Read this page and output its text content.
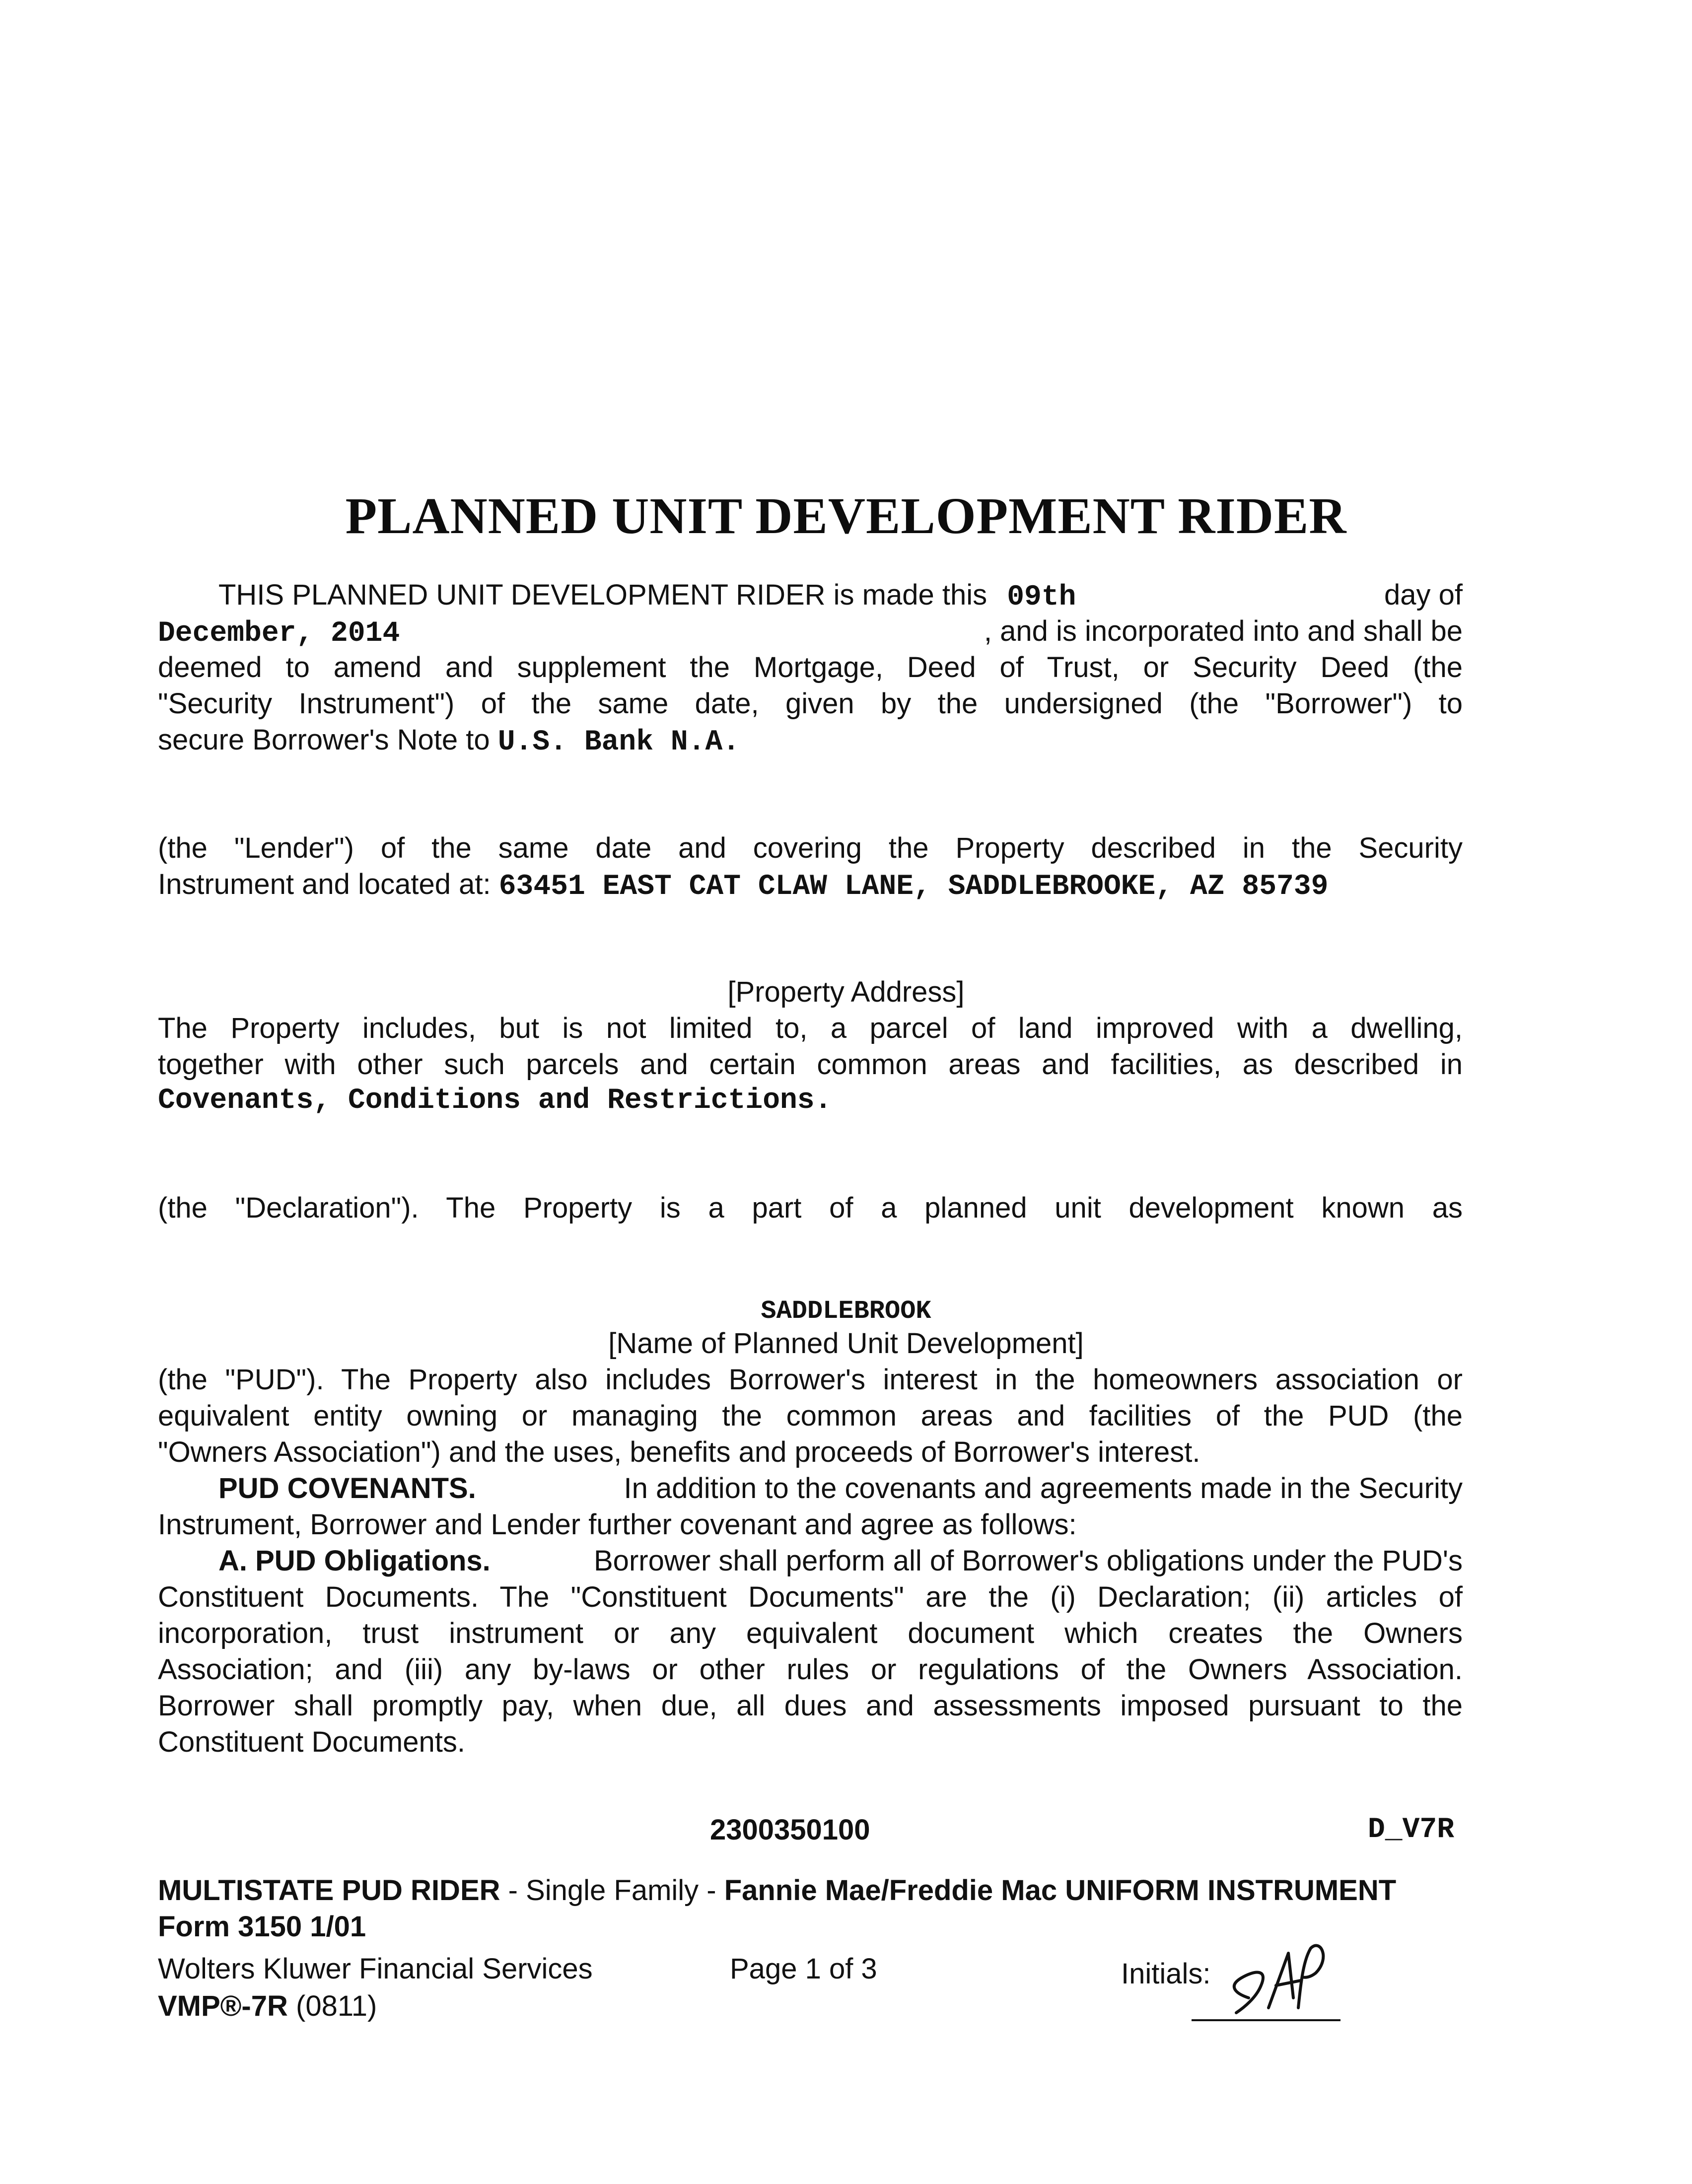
PLANNED UNIT DEVELOPMENT RIDER
THIS PLANNED UNIT DEVELOPMENT RIDER is made this 09th	day of
December, 2014	, and is incorporated into and shall be
deemed to amend and supplement the Mortgage, Deed of Trust, or Security Deed (the
"Security Instrument") of the same date, given by the undersigned (the "Borrower") to
secure Borrower's Note to U.S. Bank N.A.
(the "Lender") of the same date and covering the Property described in the Security
Instrument and located at: 63451 EAST CAT CLAW LANE, SADDLEBROOKE, AZ 85739
[Property Address]
The Property includes, but is not limited to, a parcel of land improved with a dwelling,
together with other such parcels and certain common areas and facilities, as described in
Covenants, Conditions and Restrictions.
(the "Declaration"). The Property is a part of a planned unit development known as
SADDLEBROOK
[Name of Planned Unit Development]
(the "PUD"). The Property also includes Borrower's interest in the homeowners association or
equivalent entity owning or managing the common areas and facilities of the PUD (the
"Owners Association") and the uses, benefits and proceeds of Borrower's interest.
PUD COVENANTS.	In addition to the covenants and agreements made in the Security
Instrument, Borrower and Lender further covenant and agree as follows:
A. PUD Obligations.	Borrower shall perform all of Borrower's obligations under the PUD's
Constituent Documents. The "Constituent Documents" are the (i) Declaration; (ii) articles of
incorporation, trust instrument or any equivalent document which creates the Owners
Association; and (iii) any by-laws or other rules or regulations of the Owners Association.
Borrower shall promptly pay, when due, all dues and assessments imposed pursuant to the
Constituent Documents.
2300350100	D_V7R
MULTISTATE PUD RIDER - Single Family - Fannie Mae/Freddie Mac UNIFORM INSTRUMENT
Form 3150 1/01
Wolters Kluwer Financial Services	Page 1 of 3	Initials:
VMP®-7R (0811)
